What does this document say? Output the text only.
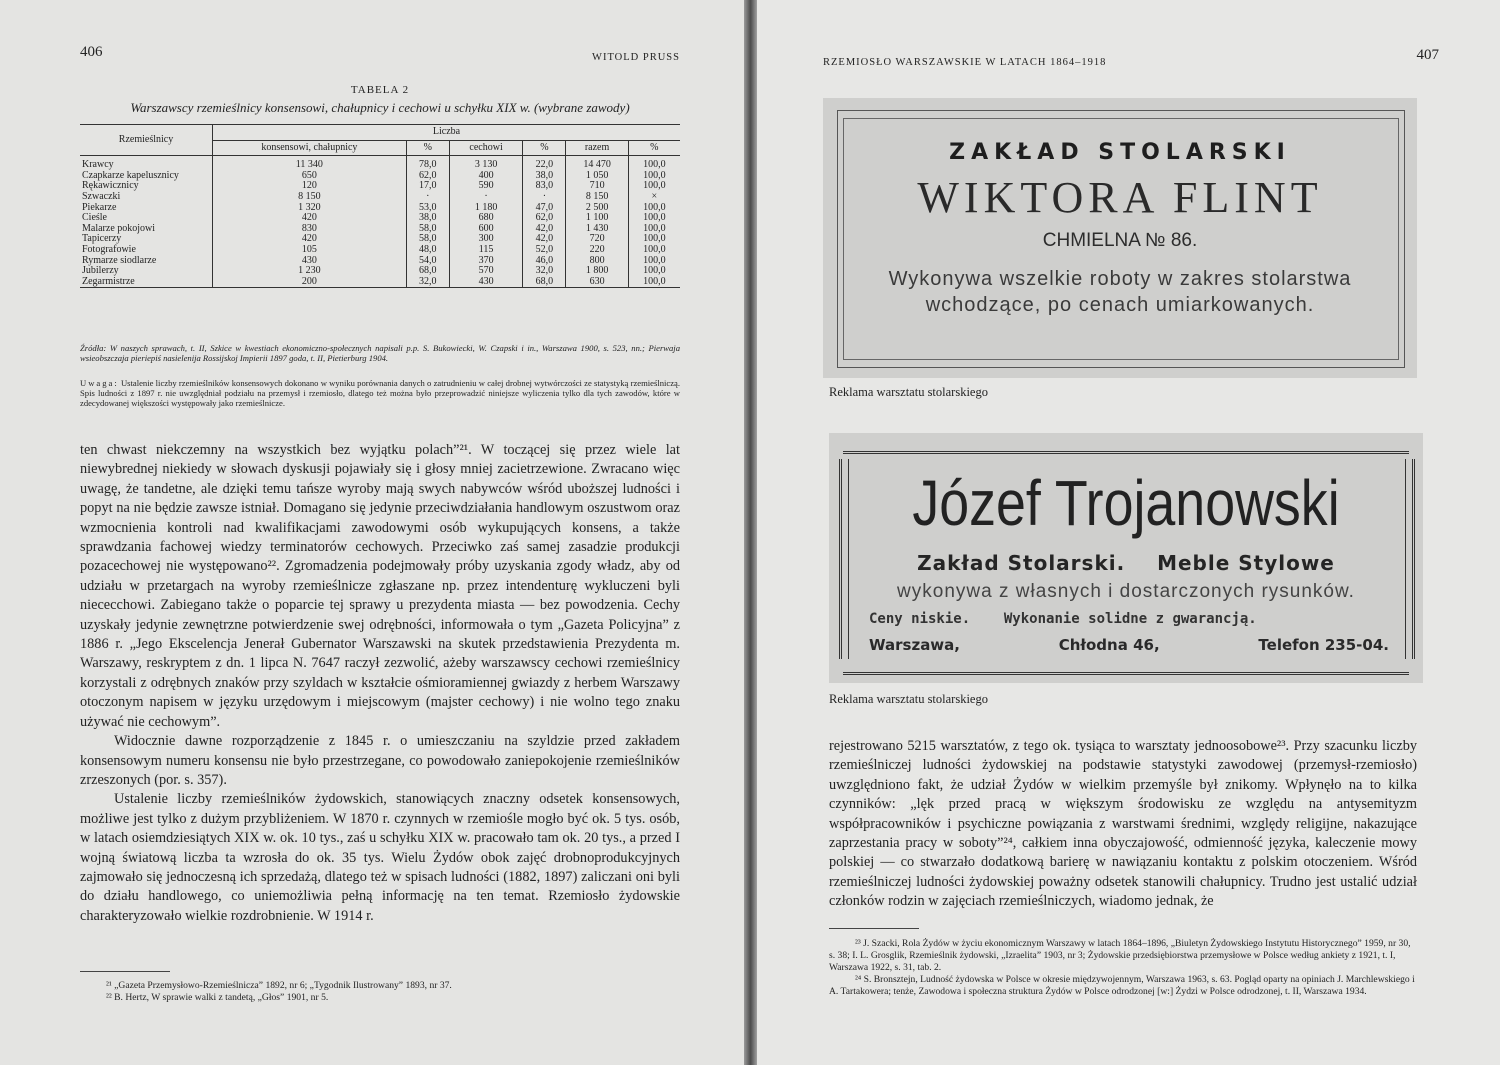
406	WITOLD PRUSS
TABELA 2
Warszawscy rzemieślnicy konsensowi, chałupnicy i cechowi u schyłku XIX w. (wybrane zawody)
Rzemieślnicy	Liczba					
	konsensowi, chałupnicy	%	cechowi	%	razem	%
Krawcy	11 340	78,0	3 130	22,0	14 470	100,0
Czapkarze kapelusznicy	650	62,0	400	38,0	1 050	100,0
Rękawicznicy	120	17,0	590	83,0	710	100,0
Szwaczki	8 150	·	·	·	8 150	×
Piekarze	1 320	53,0	1 180	47,0	2 500	100,0
Cieśle	420	38,0	680	62,0	1 100	100,0
Malarze pokojowi	830	58,0	600	42,0	1 430	100,0
Tapicerzy	420	58,0	300	42,0	720	100,0
Fotografowie	105	48,0	115	52,0	220	100,0
Rymarze siodlarze	430	54,0	370	46,0	800	100,0
Jubilerzy	1 230	68,0	570	32,0	1 800	100,0
Zegarmistrze	200	32,0	430	68,0	630	100,0
Źródła: W naszych sprawach, t. II, Szkice w kwestiach ekonomiczno-społecznych napisali p.p. S. Bukowiecki, W. Czapski i in., Warszawa 1900, s. 523, nn.; Pierwaja wsieobszczaja pieriepiś nasielenija Rossijskoj Impierii 1897 goda, t. II, Pietierburg 1904.
Uwaga: Ustalenie liczby rzemieślników konsensowych dokonano w wyniku porównania danych o zatrudnieniu w całej drobnej wytwórczości ze statystyką rzemieślniczą. Spis ludności z 1897 r. nie uwzględniał podziału na przemysł i rzemiosło, dlatego też można było przeprowadzić niniejsze wyliczenia tylko dla tych zawodów, które w zdecydowanej większości występowały jako rzemieślnicze.

ten chwast niekczemny na wszystkich bez wyjątku polach”²¹. W toczącej się przez wiele lat niewybrednej niekiedy w słowach dyskusji pojawiały się i głosy mniej zacietrzewione. Zwracano więc uwagę, że tandetne, ale dzięki temu tańsze wyroby mają swych nabywców wśród uboższej ludności i popyt na nie będzie zawsze istniał. Domagano się jedynie przeciwdziałania handlowym oszustwom oraz wzmocnienia kontroli nad kwalifikacjami zawodowymi osób wykupujących konsens, a także sprawdzania fachowej wiedzy terminatorów cechowych. Przeciwko zaś samej zasadzie produkcji pozacechowej nie występowano²². Zgromadzenia podejmowały próby uzyskania zgody władz, aby od udziału w przetargach na wyroby rzemieślnicze zgłaszane np. przez intendenturę wykluczeni byli niececchowi. Zabiegano także o poparcie tej sprawy u prezydenta miasta — bez powodzenia. Cechy uzyskały jedynie zewnętrzne potwierdzenie swej odrębności, informowała o tym „Gazeta Policyjna” z 1886 r. „Jego Ekscelencja Jenerał Gubernator Warszawski na skutek przedstawienia Prezydenta m. Warszawy, reskryptem z dn. 1 lipca N. 7647 raczył zezwolić, ażeby warszawscy cechowi rzemieślnicy korzystali z odrębnych znaków przy szyldach w kształcie ośmioramiennej gwiazdy z herbem Warszawy otoczonym napisem w języku urzędowym i miejscowym (majster cechowy) i nie wolno tego znaku używać nie cechowym”.

Widocznie dawne rozporządzenie z 1845 r. o umieszczaniu na szyldzie przed zakładem konsensowym numeru konsensu nie było przestrzegane, co powodowało zaniepokojenie rzemieślników zrzeszonych (por. s. 357).

Ustalenie liczby rzemieślników żydowskich, stanowiących znaczny odsetek konsensowych, możliwe jest tylko z dużym przybliżeniem. W 1870 r. czynnych w rzemiośle mogło być ok. 5 tys. osób, w latach osiemdziesiątych XIX w. ok. 10 tys., zaś u schyłku XIX w. pracowało tam ok. 20 tys., a przed I wojną światową liczba ta wzrosła do ok. 35 tys. Wielu Żydów obok zajęć drobnoprodukcyjnych zajmowało się jednoczesną ich sprzedażą, dlatego też w spisach ludności (1882, 1897) zaliczani oni byli do działu handlowego, co uniemożliwia pełną informację na ten temat. Rzemiosło żydowskie charakteryzowało wielkie rozdrobnienie. W 1914 r.

²¹ „Gazeta Przemysłowo-Rzemieślnicza” 1892, nr 6; „Tygodnik Ilustrowany” 1893, nr 37.

²² B. Hertz, W sprawie walki z tandetą, „Głos” 1901, nr 5.

RZEMIOSŁO WARSZAWSKIE W LATACH 1864–1918	407
ZAKŁAD STOLARSKI
WIKTORA FLINT
CHMIELNA № 86.
Wykonywa wszelkie roboty w zakres stolarstwa
wchodzące, po cenach umiarkowanych.
Reklama warsztatu stolarskiego
Józef Trojanowski
Zakład Stolarski. Meble Stylowe
wykonywa z własnych i dostarczonych rysunków.
Ceny niskie. Wykonanie solidne z gwarancją.
Warszawa,	Chłodna 46,	Telefon 235-04.
Reklama warsztatu stolarskiego

rejestrowano 5215 warsztatów, z tego ok. tysiąca to warsztaty jednoosobowe²³. Przy szacunku liczby rzemieślniczej ludności żydowskiej na podstawie statystyki zawodowej (przemysł-rzemiosło) uwzględniono fakt, że udział Żydów w wielkim przemyśle był znikomy. Wpłynęło na to kilka czynników: „lęk przed pracą w większym środowisku ze względu na antysemityzm współpracowników i psychiczne powiązania z warstwami średnimi, względy religijne, nakazujące zaprzestania pracy w soboty”²⁴, całkiem inna obyczajowość, odmienność języka, kaleczenie mowy polskiej — co stwarzało dodatkową barierę w nawiązaniu kontaktu z polskim otoczeniem. Wśród rzemieślniczej ludności żydowskiej poważny odsetek stanowili chałupnicy. Trudno jest ustalić udział członków rodzin w zajęciach rzemieślniczych, wiadomo jednak, że

²³ J. Szacki, Rola Żydów w życiu ekonomicznym Warszawy w latach 1864–1896, „Biuletyn Żydowskiego Instytutu Historycznego” 1959, nr 30, s. 38; I. L. Grosglik, Rzemieślnik żydowski, „Izraelita” 1903, nr 3; Żydowskie przedsiębiorstwa przemysłowe w Polsce według ankiety z 1921, t. I, Warszawa 1922, s. 31, tab. 2.

²⁴ S. Bronsztejn, Ludność żydowska w Polsce w okresie międzywojennym, Warszawa 1963, s. 63. Pogląd oparty na opiniach J. Marchlewskiego i A. Tartakowera; tenże, Zawodowa i społeczna struktura Żydów w Polsce odrodzonej [w:] Żydzi w Polsce odrodzonej, t. II, Warszawa 1934.
